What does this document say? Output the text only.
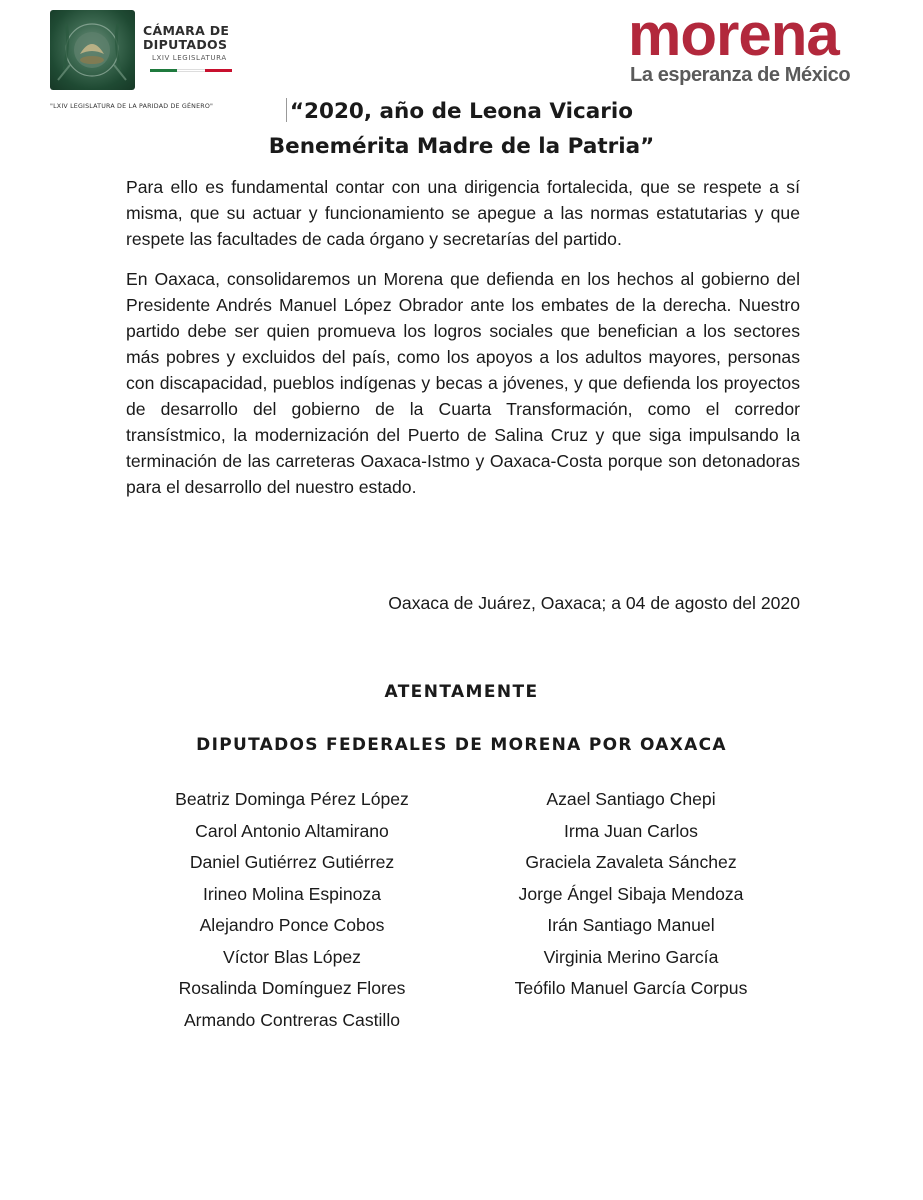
CÁMARA DE
DIPUTADOS
LXIV LEGISLATURA
"LXIV LEGISLATURA DE LA PARIDAD DE GÉNERO"
morena
La esperanza de México
“2020, año de Leona Vicario
Benemérita Madre de la Patria”

Para ello es fundamental contar con una dirigencia fortalecida, que se respete a sí misma, que su actuar y funcionamiento se apegue a las normas estatutarias y que respete las facultades de cada órgano y secretarías del partido.

En Oaxaca, consolidaremos un Morena que defienda en los hechos al gobierno del Presidente Andrés Manuel López Obrador ante los embates de la derecha. Nuestro partido debe ser quien promueva los logros sociales que benefician a los sectores más pobres y excluidos del país, como los apoyos a los adultos mayores, personas con discapacidad, pueblos indígenas y becas a jóvenes, y que defienda los proyectos de desarrollo del gobierno de la Cuarta Transformación, como el corredor transístmico, la modernización del Puerto de Salina Cruz y que siga impulsando la terminación de las carreteras Oaxaca-Istmo y Oaxaca-Costa porque son detonadoras para el desarrollo del nuestro estado.

Oaxaca de Juárez, Oaxaca; a 04 de agosto del 2020
ATENTAMENTE
DIPUTADOS FEDERALES DE MORENA POR OAXACA
Beatriz Dominga Pérez López
Carol Antonio Altamirano
Daniel Gutiérrez Gutiérrez
Irineo Molina Espinoza
Alejandro Ponce Cobos
Víctor Blas López
Rosalinda Domínguez Flores
Armando Contreras Castillo
Azael Santiago Chepi
Irma Juan Carlos
Graciela Zavaleta Sánchez
Jorge Ángel Sibaja Mendoza
Irán Santiago Manuel
Virginia Merino García
Teófilo Manuel García Corpus
